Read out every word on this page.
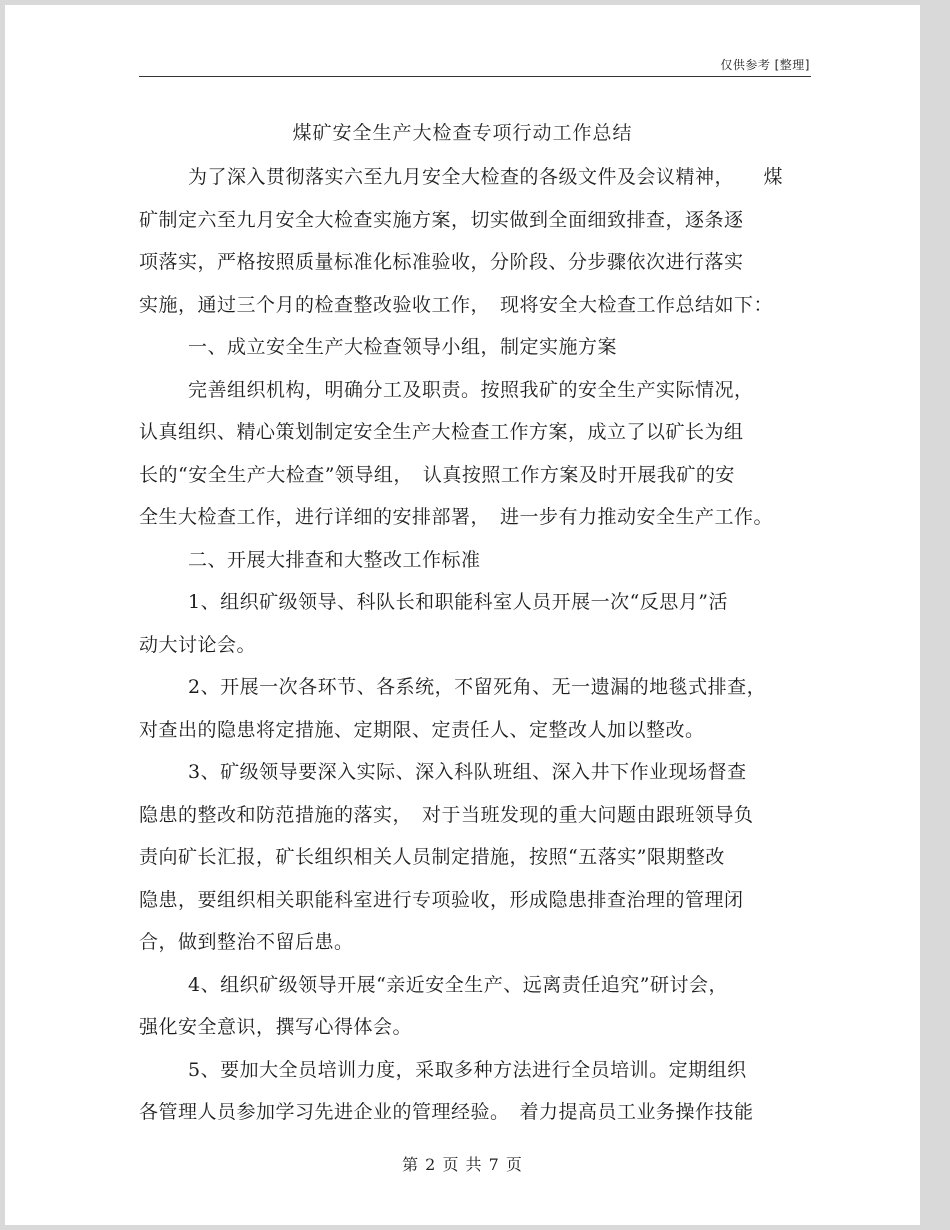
仅供参考 [整理]
煤矿安全生产大检查专项行动工作总结
为了深入贯彻落实六至九月安全大检查的各级文件及会议精神，　　煤
矿制定六至九月安全大检查实施方案，切实做到全面细致排查，逐条逐
项落实，严格按照质量标准化标准验收，分阶段、分步骤依次进行落实
实施，通过三个月的检查整改验收工作，　现将安全大检查工作总结如下：
一、成立安全生产大检查领导小组，制定实施方案
完善组织机构，明确分工及职责。按照我矿的安全生产实际情况，
认真组织、精心策划制定安全生产大检查工作方案，成立了以矿长为组
长的“安全生产大检查”领导组，　认真按照工作方案及时开展我矿的安
全生大检查工作，进行详细的安排部署，　进一步有力推动安全生产工作。
二、开展大排查和大整改工作标准
1、组织矿级领导、科队长和职能科室人员开展一次“反思月”活
动大讨论会。
2、开展一次各环节、各系统，不留死角、无一遗漏的地毯式排查，
对查出的隐患将定措施、定期限、定责任人、定整改人加以整改。
3、矿级领导要深入实际、深入科队班组、深入井下作业现场督查
隐患的整改和防范措施的落实，　对于当班发现的重大问题由跟班领导负
责向矿长汇报，矿长组织相关人员制定措施，按照“五落实”限期整改
隐患，要组织相关职能科室进行专项验收，形成隐患排查治理的管理闭
合，做到整治不留后患。
4、组织矿级领导开展“亲近安全生产、远离责任追究”研讨会，
强化安全意识，撰写心得体会。
5、要加大全员培训力度，采取多种方法进行全员培训。定期组织
各管理人员参加学习先进企业的管理经验。　着力提高员工业务操作技能
第 2 页 共 7 页
